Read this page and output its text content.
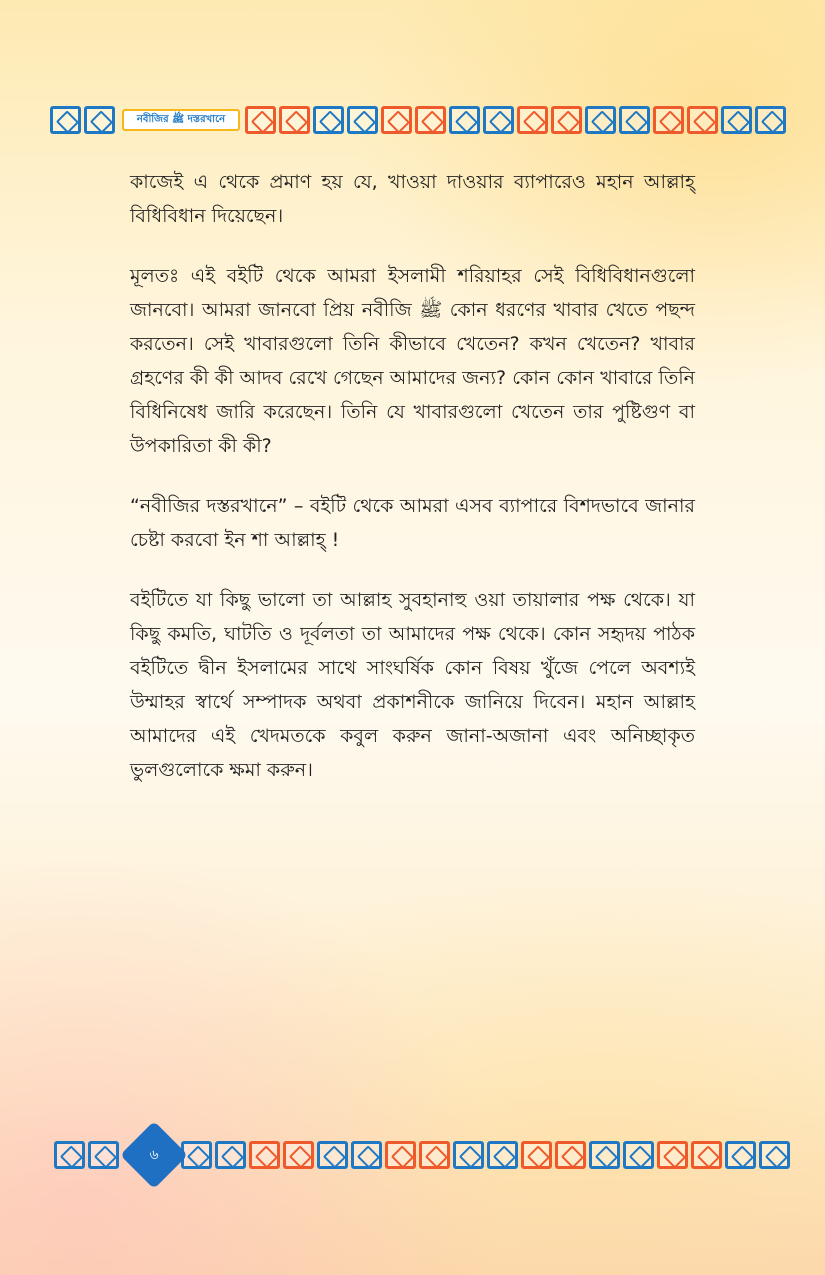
নবীজির ﷺ দস্তরখানে

কাজেই এ থেকে প্রমাণ হয় যে, খাওয়া দাওয়ার ব্যাপারেও মহান আল্লাহ্ বিধিবিধান দিয়েছেন।

মূলতঃ এই বইটি থেকে আমরা ইসলামী শরিয়াহর সেই বিধিবিধানগুলো জানবো। আমরা জানবো প্রিয় নবীজি ﷺ কোন ধরণের খাবার খেতে পছন্দ করতেন। সেই খাবারগুলো তিনি কীভাবে খেতেন? কখন খেতেন? খাবার গ্রহণের কী কী আদব রেখে গেছেন আমাদের জন্য? কোন কোন খাবারে তিনি বিধিনিষেধ জারি করেছেন। তিনি যে খাবারগুলো খেতেন তার পুষ্টিগুণ বা উপকারিতা কী কী?

“নবীজির দস্তরখানে” – বইটি থেকে আমরা এসব ব্যাপারে বিশদভাবে জানার চেষ্টা করবো ইন শা আল্লাহ্ !

বইটিতে যা কিছু ভালো তা আল্লাহ সুবহানাহু ওয়া তায়ালার পক্ষ থেকে। যা কিছু কমতি, ঘাটতি ও দূর্বলতা তা আমাদের পক্ষ থেকে। কোন সহৃদয় পাঠক বইটিতে দ্বীন ইসলামের সাথে সাংঘর্ষিক কোন বিষয় খুঁজে পেলে অবশ্যই উম্মাহর স্বার্থে সম্পাদক অথবা প্রকাশনীকে জানিয়ে দিবেন। মহান আল্লাহ আমাদের এই খেদমতকে কবুল করুন জানা-অজানা এবং অনিচ্ছাকৃত ভুলগুলোকে ক্ষমা করুন।

৬
